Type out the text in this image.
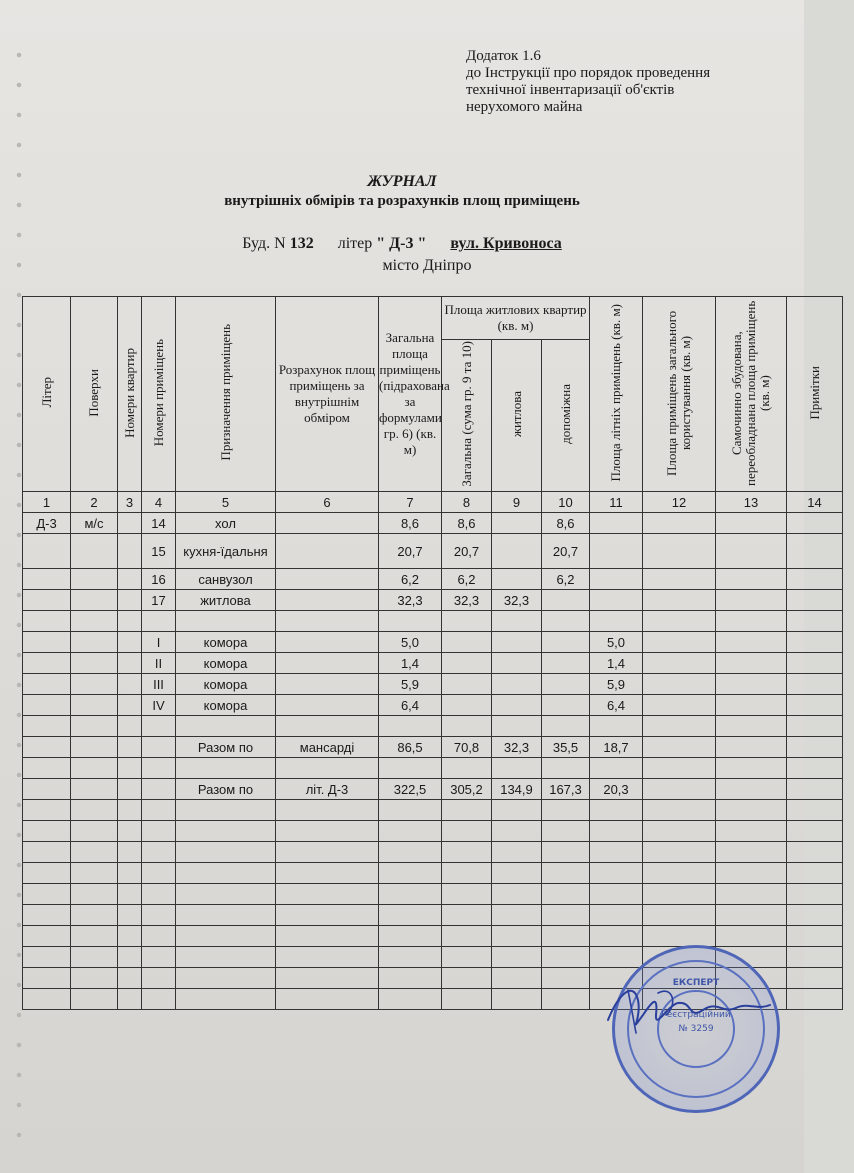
Додаток 1.6
до Інструкції про порядок проведення
технічної інвентаризації об'єктів
нерухомого майна
ЖУРНАЛ
внутрішніх обмірів та розрахунків площ приміщень
Буд. N 132 літер " Д-3 " вул. Кривоноса
місто Дніпро
Літер	Поверхи	Номери квартир	Номери приміщень	Призначення приміщень	Розрахунок площ приміщень за внутрішнім обміром	Загальна площа приміщень (підрахована за формулами гр. 6) (кв. м)	Площа житлових квартир (кв. м)			Площа літніх приміщень (кв. м)	Площа приміщень загального користування (кв. м)	Самочинно збудована, переобладнана площа приміщень (кв. м)	Примітки
							Загальна (сума гр. 9 та 10)	житлова	допоміжна				
1	2	3	4	5	6	7	8	9	10	11	12	13	14
Д-3	м/с		14	хол		8,6	8,6		8,6				
			15	кухня-їдальня		20,7	20,7		20,7				
			16	санвузол		6,2	6,2		6,2				
			17	житлова		32,3	32,3	32,3					

			I	комора		5,0				5,0			
			II	комора		1,4				1,4			
			III	комора		5,9				5,9			
			IV	комора		6,4				6,4			

				Разом по	мансарді	86,5	70,8	32,3	35,5	18,7			

				Разом по	літ. Д-3	322,5	305,2	134,9	167,3	20,3			

ЕКСПЕРТ
Реєстраційний
№ 3259
